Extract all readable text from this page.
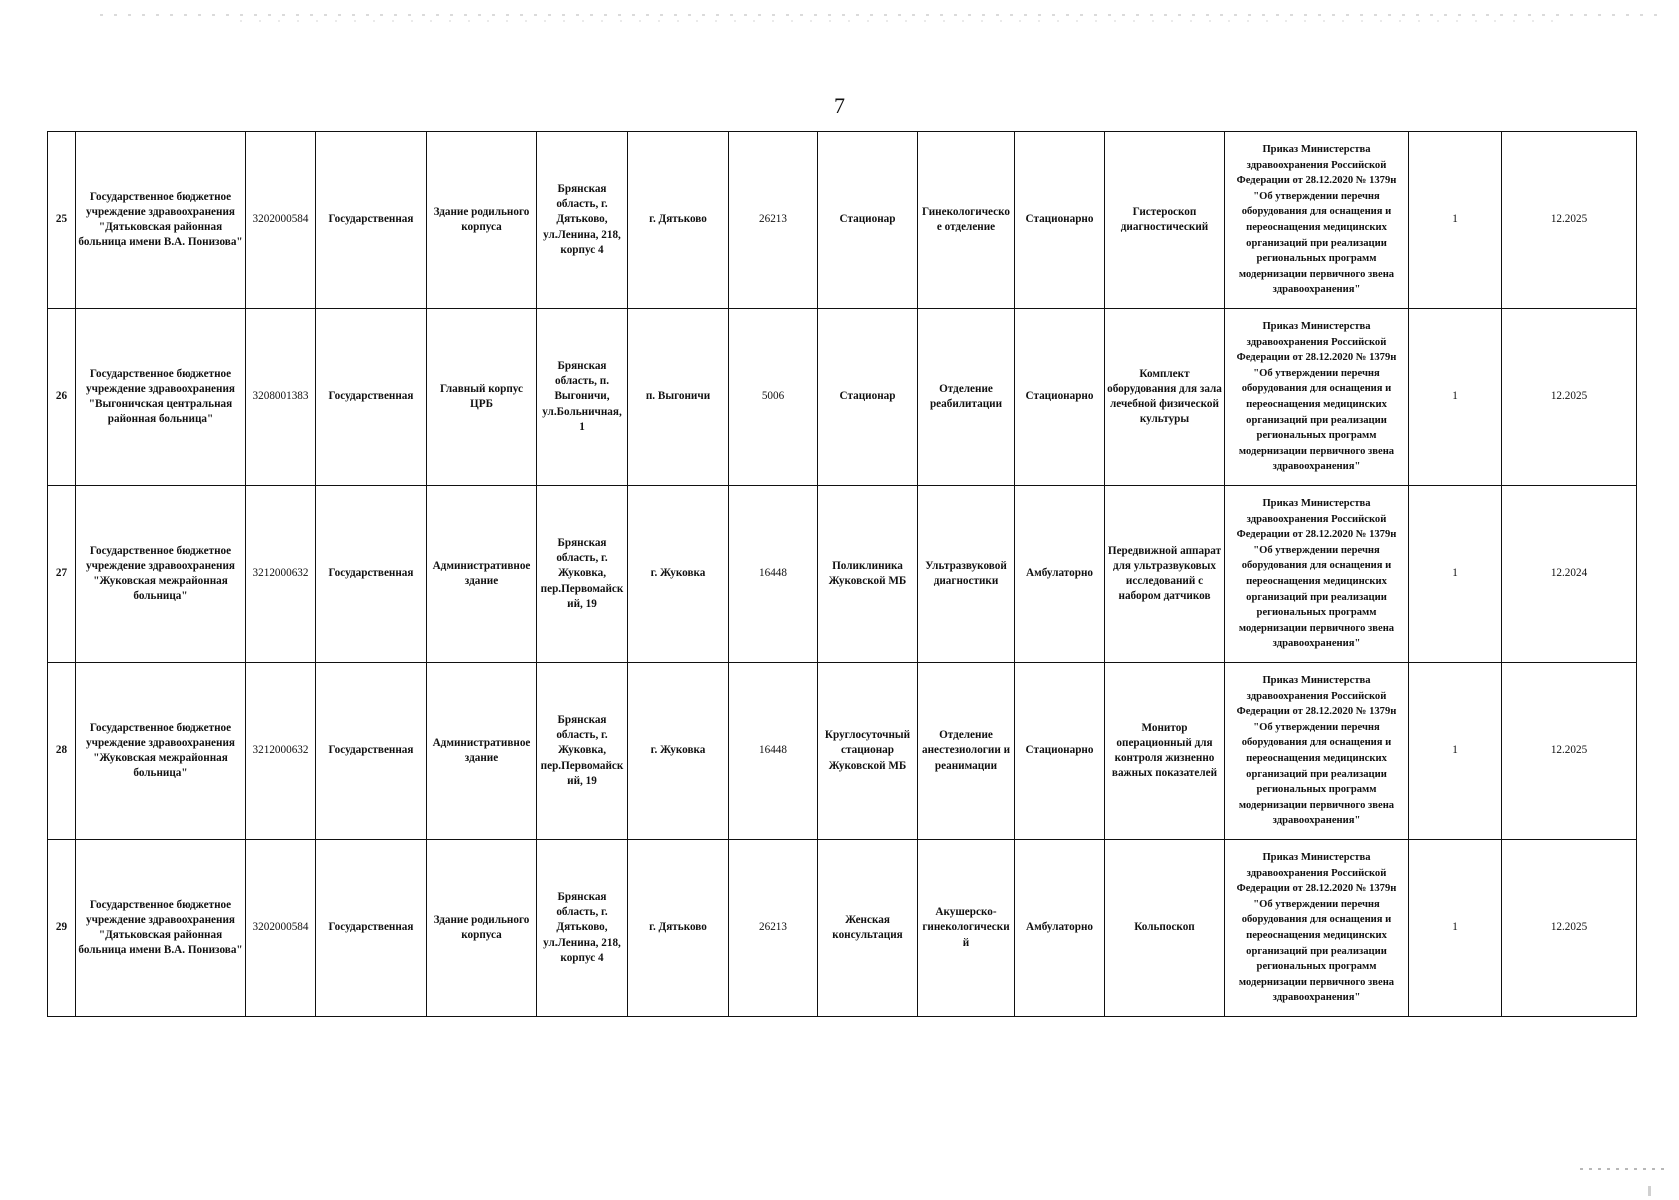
7
25	Государственное бюджетное учреждение здравоохранения "Дятьковская районная больница имени В.А. Понизова"	3202000584	Государственная	Здание родильного корпуса	Брянская область, г. Дятьково, ул.Ленина, 218, корпус 4	г. Дятьково	26213	Стационар	Гинекологическое отделение	Стационарно	Гистероскоп диагностический	Приказ Министерства здравоохранения Российской Федерации от 28.12.2020 № 1379н "Об утверждении перечня оборудования для оснащения и переоснащения медицинских организаций при реализации региональных программ модернизации первичного звена здравоохранения"	1	12.2025
26	Государственное бюджетное учреждение здравоохранения "Выгоничская центральная районная больница"	3208001383	Государственная	Главный корпус ЦРБ	Брянская область, п. Выгоничи, ул.Больничная, 1	п. Выгоничи	5006	Стационар	Отделение реабилитации	Стационарно	Комплект оборудования для зала лечебной физической культуры	Приказ Министерства здравоохранения Российской Федерации от 28.12.2020 № 1379н "Об утверждении перечня оборудования для оснащения и переоснащения медицинских организаций при реализации региональных программ модернизации первичного звена здравоохранения"	1	12.2025
27	Государственное бюджетное учреждение здравоохранения "Жуковская межрайонная больница"	3212000632	Государственная	Административное здание	Брянская область, г. Жуковка, пер.Первомайский, 19	г. Жуковка	16448	Поликлиника Жуковской МБ	Ультразвуковой диагностики	Амбулаторно	Передвижной аппарат для ультразвуковых исследований с набором датчиков	Приказ Министерства здравоохранения Российской Федерации от 28.12.2020 № 1379н "Об утверждении перечня оборудования для оснащения и переоснащения медицинских организаций при реализации региональных программ модернизации первичного звена здравоохранения"	1	12.2024
28	Государственное бюджетное учреждение здравоохранения "Жуковская межрайонная больница"	3212000632	Государственная	Административное здание	Брянская область, г. Жуковка, пер.Первомайский, 19	г. Жуковка	16448	Круглосуточный стационар Жуковской МБ	Отделение анестезиологии и реанимации	Стационарно	Монитор операционный для контроля жизненно важных показателей	Приказ Министерства здравоохранения Российской Федерации от 28.12.2020 № 1379н "Об утверждении перечня оборудования для оснащения и переоснащения медицинских организаций при реализации региональных программ модернизации первичного звена здравоохранения"	1	12.2025
29	Государственное бюджетное учреждение здравоохранения "Дятьковская районная больница имени В.А. Понизова"	3202000584	Государственная	Здание родильного корпуса	Брянская область, г. Дятьково, ул.Ленина, 218, корпус 4	г. Дятьково	26213	Женская консультация	Акушерско-гинекологический	Амбулаторно	Кольпоскоп	Приказ Министерства здравоохранения Российской Федерации от 28.12.2020 № 1379н "Об утверждении перечня оборудования для оснащения и переоснащения медицинских организаций при реализации региональных программ модернизации первичного звена здравоохранения"	1	12.2025
